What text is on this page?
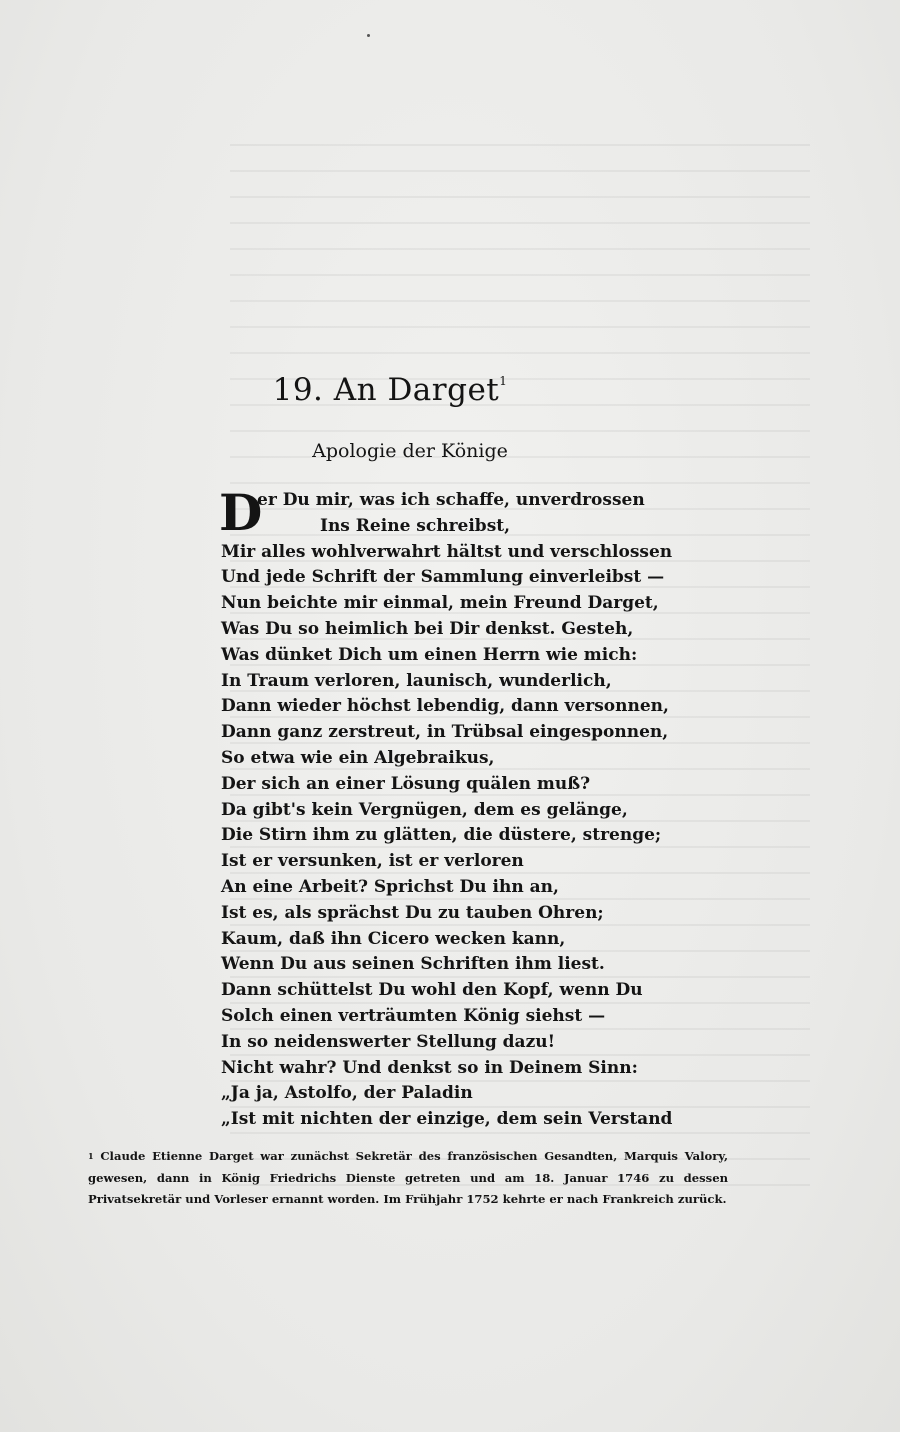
19. An Darget$^1$
Apologie der Könige
D
er Du mir, was ich schaffe, unverdrossen
Ins Reine schreibst,
Mir alles wohlverwahrt hältst und verschlossen
Und jede Schrift der Sammlung einverleibst —
Nun beichte mir einmal, mein Freund Darget,
Was Du so heimlich bei Dir denkst. Gesteh,
Was dünket Dich um einen Herrn wie mich:
In Traum verloren, launisch, wunderlich,
Dann wieder höchst lebendig, dann versonnen,
Dann ganz zerstreut, in Trübsal eingesponnen,
So etwa wie ein Algebraikus,
Der sich an einer Lösung quälen muß?
Da gibt's kein Vergnügen, dem es gelänge,
Die Stirn ihm zu glätten, die düstere, strenge;
Ist er versunken, ist er verloren
An eine Arbeit? Sprichst Du ihn an,
Ist es, als sprächst Du zu tauben Ohren;
Kaum, daß ihn Cicero wecken kann,
Wenn Du aus seinen Schriften ihm liest.
Dann schüttelst Du wohl den Kopf, wenn Du
Solch einen verträumten König siehst —
In so neidenswerter Stellung dazu!
Nicht wahr? Und denkst so in Deinem Sinn:
„Ja ja, Astolfo, der Paladin
„Ist mit nichten der einzige, dem sein Verstand
$^1$ Claude Etienne Darget war zunächst Sekretär des französischen Gesandten, Marquis Valory, gewesen, dann in König Friedrichs Dienste getreten und am 18. Januar 1746 zu dessen Privatsekretär und Vorleser ernannt worden. Im Frühjahr 1752 kehrte er nach Frankreich zurück.
